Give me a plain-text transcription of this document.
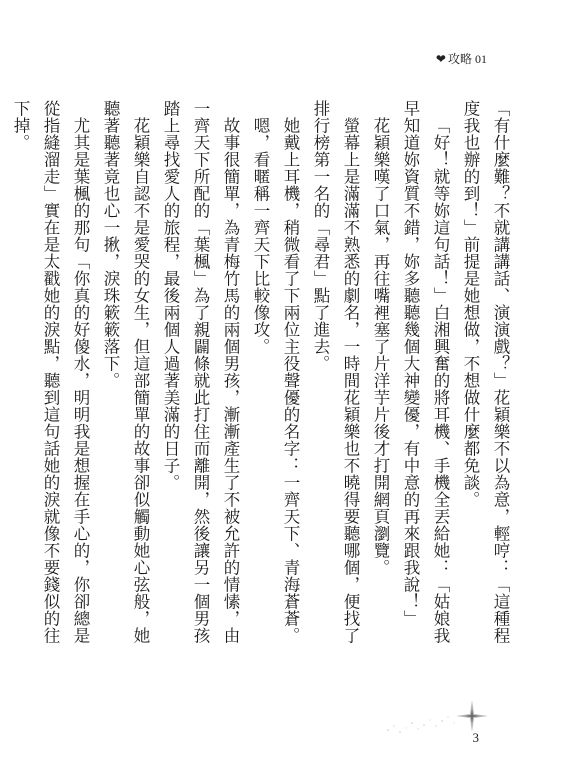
❤ 攻略 01

「有什麼難？不就講講話、演演戲？」花穎樂不以為意，輕哼：「這種程度我也辦的到！」前提是她想做，不想做什麼都免談。

「好！就等妳這句話！」白湘興奮的將耳機、手機全丟給她：「姑娘我早知道妳資質不錯，妳多聽聽幾個大神變優，有中意的再來跟我說！」

花穎樂嘆了口氣，再往嘴裡塞了片洋芋片後才打開網頁瀏覽。

螢幕上是滿滿不熟悉的劇名，一時間花穎樂也不曉得要聽哪個，便找了排行榜第一名的「尋君」點了進去。

她戴上耳機，稍微看了下兩位主役聲優的名字：一齊天下、青海蒼蒼。

嗯，看暱稱一齊天下比較像攻。

故事很簡單，為青梅竹馬的兩個男孩，漸漸產生了不被允許的情愫，由一齊天下所配的「葉楓」為了親闢條就此打住而離開，然後讓另一個男孩踏上尋找愛人的旅程，最後兩個人過著美滿的日子。

花穎樂自認不是愛哭的女生，但這部簡單的故事卻似觸動她心弦般，她聽著聽著竟也心一揪，淚珠簌簌落下。

尤其是葉楓的那句「你真的好傻水，明明我是想握在手心的，你卻總是從指縫溜走」實在是太戳她的淚點，聽到這句話她的淚就像不要錢似的往下掉。

3
